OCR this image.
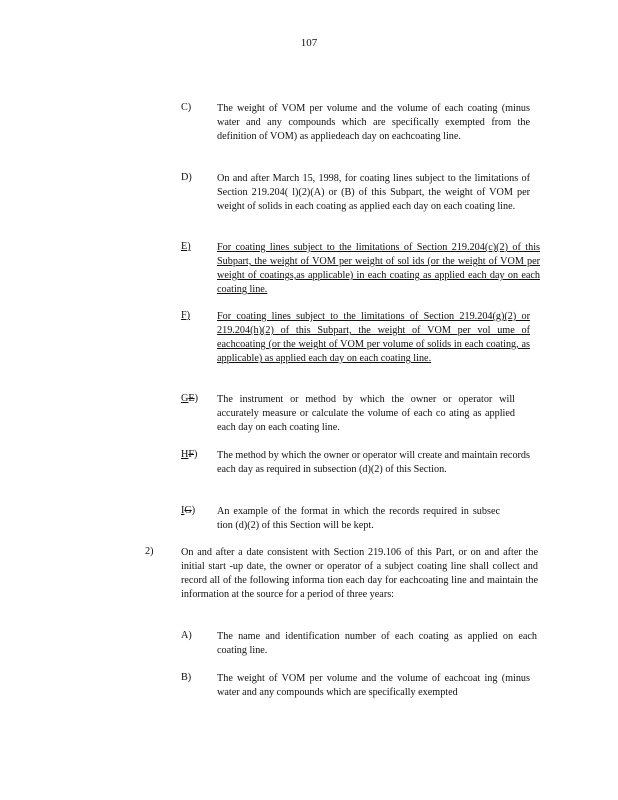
107
C)	The weight of VOM per volume and the volume of each coating (minus water and any compounds which are specifically exempted from the definition of VOM) as appliedeach day on eachcoating line.
D) On and after March 15, 1998, for coating lines subject to the limitations of Section 219.204( l)(2)(A) or (B) of this Subpart, the weight of VOM per weight of solids in each coating as applied each day on each coating line.
E)	For coating lines subject to the limitations of Section 219.204(c)(2) of this Subpart, the weight of VOM per weight of sol ids (or the weight of VOM per weight of coatings,as applicable) in each coating as applied each day on each coating line.
F)	For coating lines subject to the limitations of Section 219.204(g)(2) or 219.204(h)(2) of this Subpart, the weight of VOM per vol ume of eachcoating (or the weight of VOM per volume of solids in each coating, as applicable) as applied each day on each coating line.
GE) The instrument or method by which the owner or operator will accurately measure or calculate the volume of each co ating as applied each day on each coating line.
HF) The method by which the owner or operator will create and maintain records each day as required in subsection (d)(2) of this Section.
IG) An example of the format in which the records required in subsec tion (d)(2) of this Section will be kept.
2)	On and after a date consistent with Section 219.106 of this Part, or on and after the initial start -up date, the owner or operator of a subject coating line shall collect and record all of the following informa tion each day for eachcoating line and maintain the information at the source for a period of three years:
A) The name and identification number of each coating as applied on each coating line.
B)	The weight of VOM per volume and the volume of eachcoat ing (minus water and any compounds which are specifically exempted
